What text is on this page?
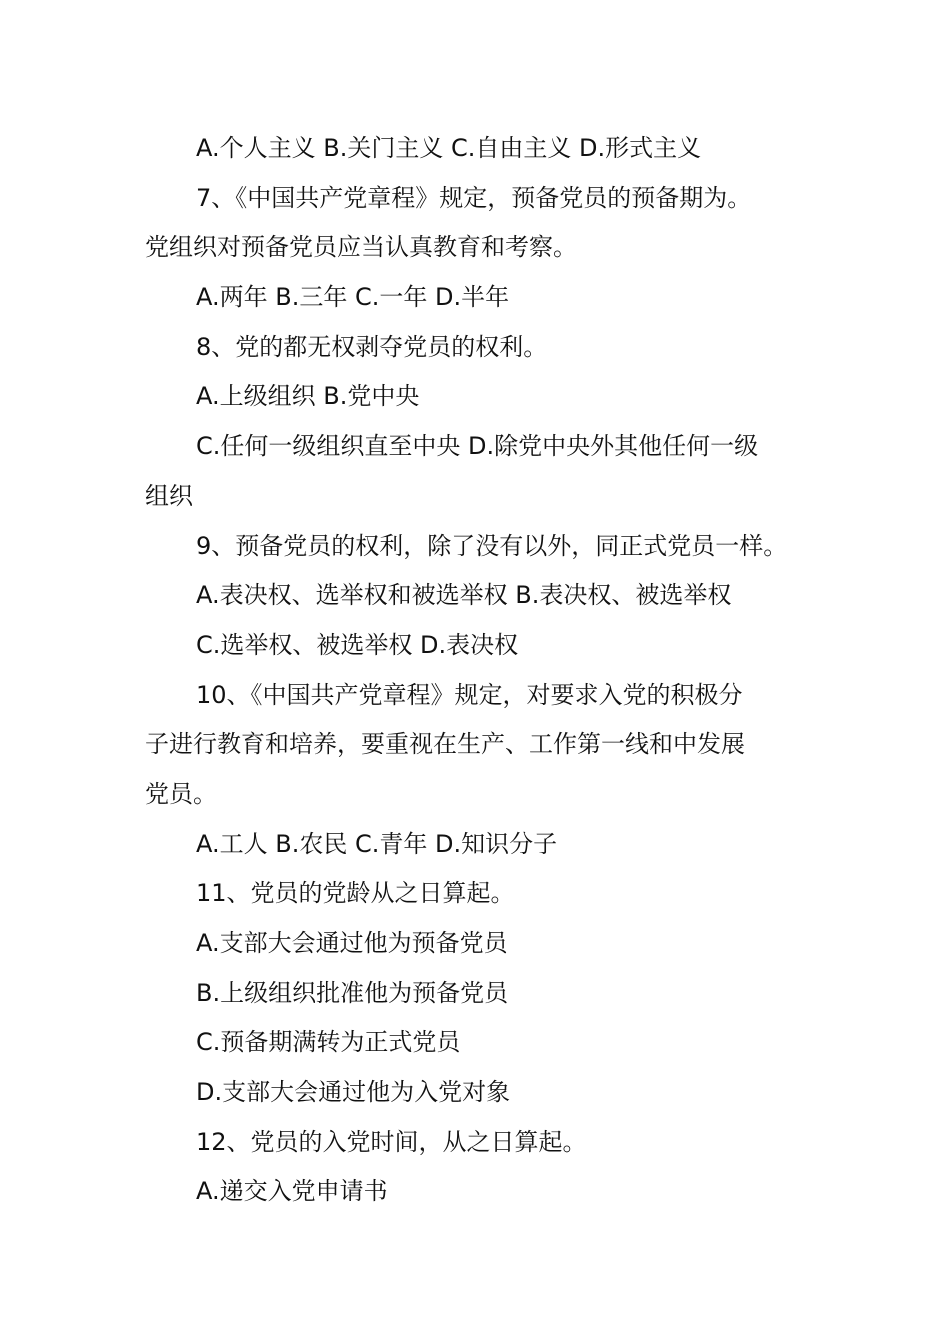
A.个人主义 B.关门主义 C.自由主义 D.形式主义
7、《中国共产党章程》规定，预备党员的预备期为。
党组织对预备党员应当认真教育和考察。
A.两年 B.三年 C.一年 D.半年
8、党的都无权剥夺党员的权利。
A.上级组织 B.党中央
C.任何一级组织直至中央 D.除党中央外其他任何一级
组织
9、预备党员的权利，除了没有以外，同正式党员一样。
A.表决权、选举权和被选举权 B.表决权、被选举权
C.选举权、被选举权 D.表决权
10、《中国共产党章程》规定，对要求入党的积极分
子进行教育和培养，要重视在生产、工作第一线和中发展
党员。
A.工人 B.农民 C.青年 D.知识分子
11、党员的党龄从之日算起。
A.支部大会通过他为预备党员
B.上级组织批准他为预备党员
C.预备期满转为正式党员
D.支部大会通过他为入党对象
12、党员的入党时间，从之日算起。
A.递交入党申请书
